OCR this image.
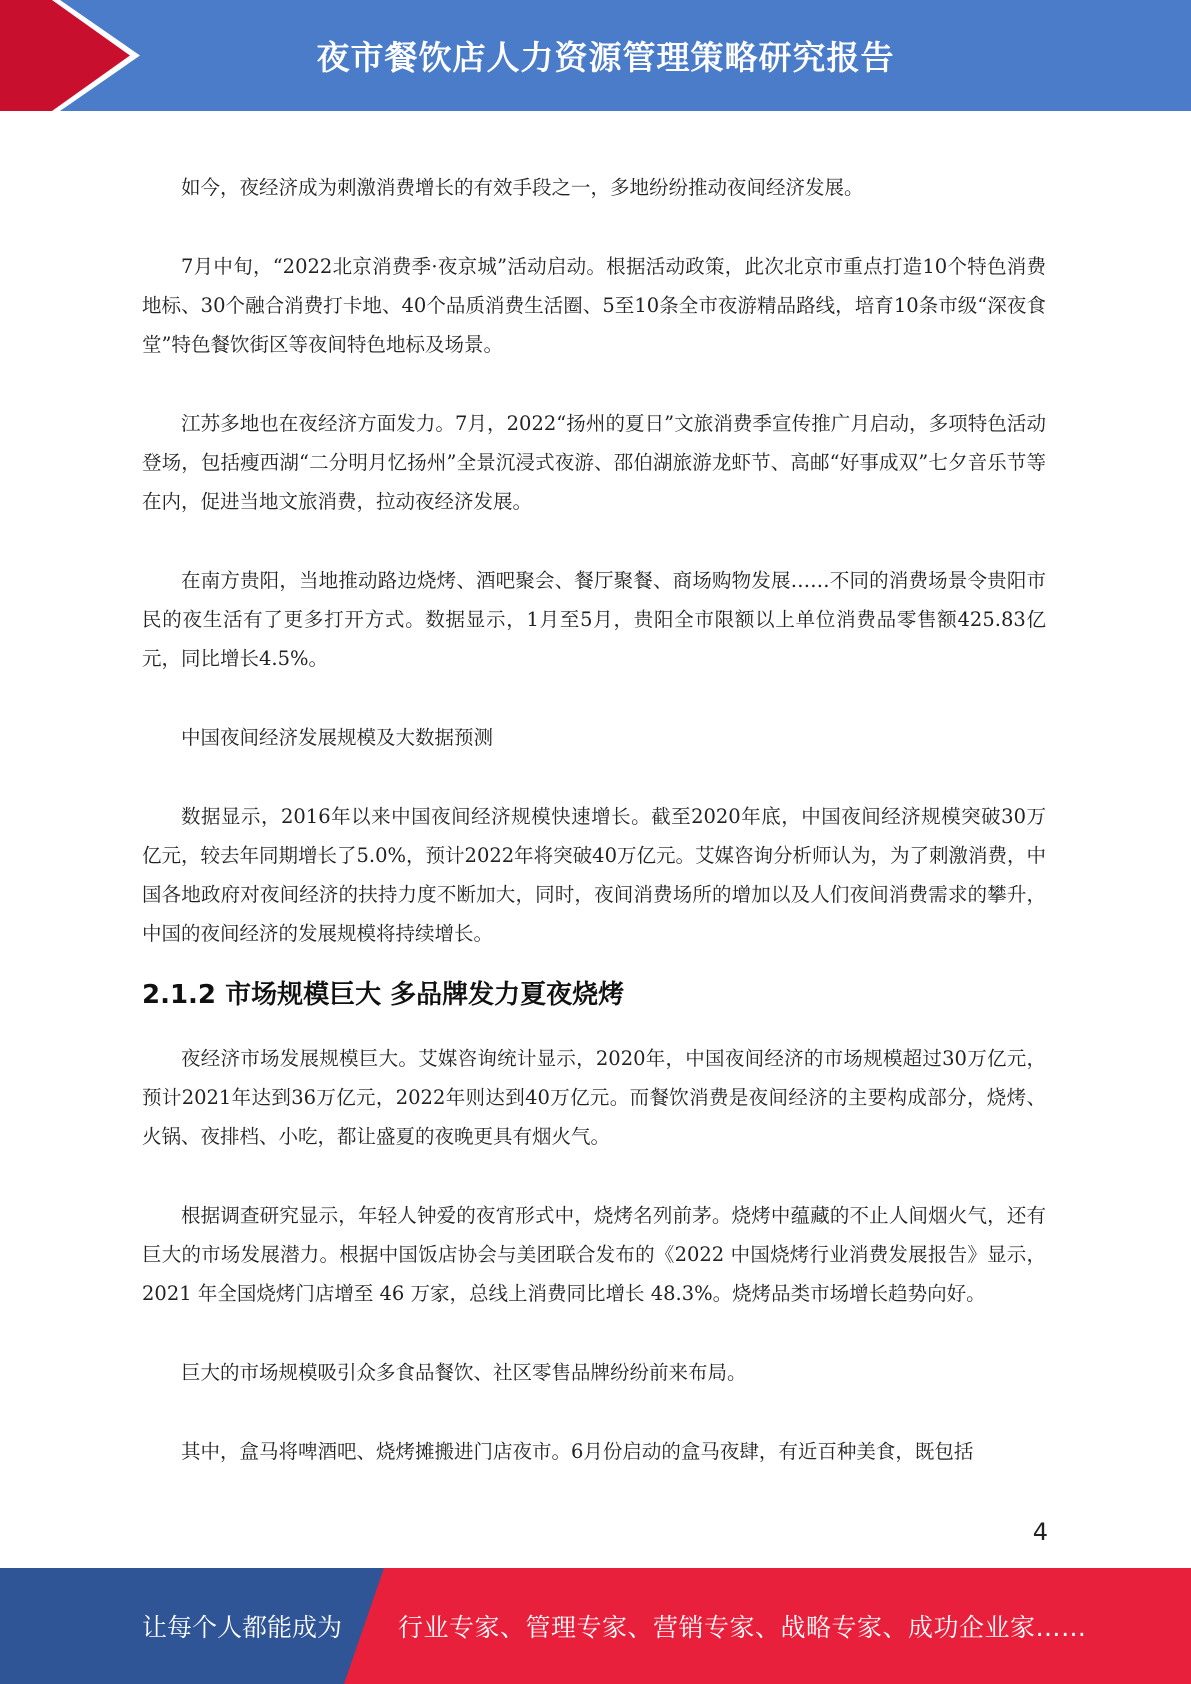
夜市餐饮店人力资源管理策略研究报告

如今，夜经济成为刺激消费增长的有效手段之一，多地纷纷推动夜间经济发展。

7月中旬，“2022北京消费季·夜京城”活动启动。根据活动政策，此次北京市重点打造10个特色消费地标、30个融合消费打卡地、40个品质消费生活圈、5至10条全市夜游精品路线，培育10条市级“深夜食堂”特色餐饮街区等夜间特色地标及场景。

江苏多地也在夜经济方面发力。7月，2022“扬州的夏日”文旅消费季宣传推广月启动，多项特色活动登场，包括瘦西湖“二分明月忆扬州”全景沉浸式夜游、邵伯湖旅游龙虾节、高邮“好事成双”七夕音乐节等在内，促进当地文旅消费，拉动夜经济发展。

在南方贵阳，当地推动路边烧烤、酒吧聚会、餐厅聚餐、商场购物发展……不同的消费场景令贵阳市民的夜生活有了更多打开方式。数据显示，1月至5月，贵阳全市限额以上单位消费品零售额425.83亿元，同比增长4.5%。

中国夜间经济发展规模及大数据预测

数据显示，2016年以来中国夜间经济规模快速增长。截至2020年底，中国夜间经济规模突破30万亿元，较去年同期增长了5.0%，预计2022年将突破40万亿元。艾媒咨询分析师认为，为了刺激消费，中国各地政府对夜间经济的扶持力度不断加大，同时，夜间消费场所的增加以及人们夜间消费需求的攀升，中国的夜间经济的发展规模将持续增长。

2.1.2 市场规模巨大 多品牌发力夏夜烧烤

夜经济市场发展规模巨大。艾媒咨询统计显示，2020年，中国夜间经济的市场规模超过30万亿元，预计2021年达到36万亿元，2022年则达到40万亿元。而餐饮消费是夜间经济的主要构成部分，烧烤、火锅、夜排档、小吃，都让盛夏的夜晚更具有烟火气。

根据调查研究显示，年轻人钟爱的夜宵形式中，烧烤名列前茅。烧烤中蕴藏的不止人间烟火气，还有巨大的市场发展潜力。根据中国饭店协会与美团联合发布的《2022 中国烧烤行业消费发展报告》显示，2021 年全国烧烤门店增至 46 万家，总线上消费同比增长 48.3%。烧烤品类市场增长趋势向好。

巨大的市场规模吸引众多食品餐饮、社区零售品牌纷纷前来布局。

其中，盒马将啤酒吧、烧烤摊搬进门店夜市。6月份启动的盒马夜肆，有近百种美食，既包括

4
让每个人都能成为 行业专家、管理专家、营销专家、战略专家、成功企业家……
